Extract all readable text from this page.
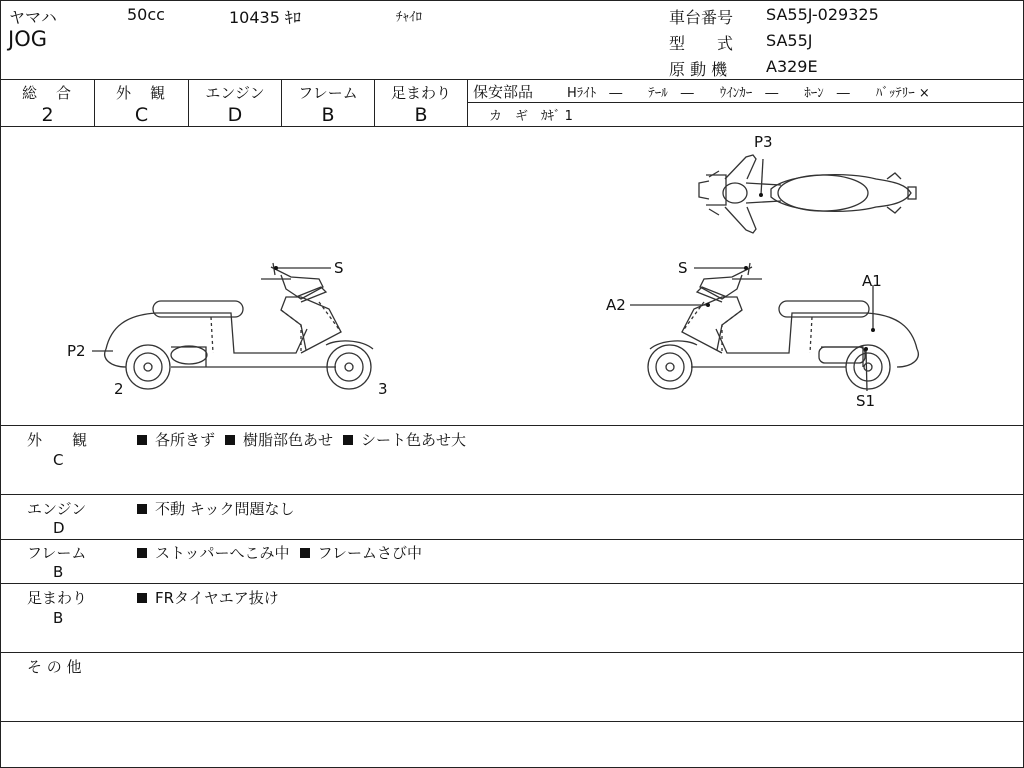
ヤマハ	50cc	10435 ｷﾛ	ﾁｬｲﾛ
JOG
車台番号 SA55J-029325
型　　式 SA55J
原 動 機 A329E
総　合
2
外　観
C
エンジン
D
フレーム
B
足まわり
B
保安部品	Hﾗｲﾄ　―　　ﾃｰﾙ　―　　ｳｲﾝｶｰ　―　　ﾎｰﾝ　―　　ﾊﾞｯﾃﾘｰ ×
カ　ギ　ｶｷﾞ 1
P3
S
P2
2	3
S
A1
A2
S1
外　　観
C
各所きず 樹脂部色あせ シート色あせ大
エンジン
D
不動 キック問題なし
フレーム
B
ストッパーへこみ中 フレームさび中
足まわり
B
FRタイヤエア抜け
そ の 他
